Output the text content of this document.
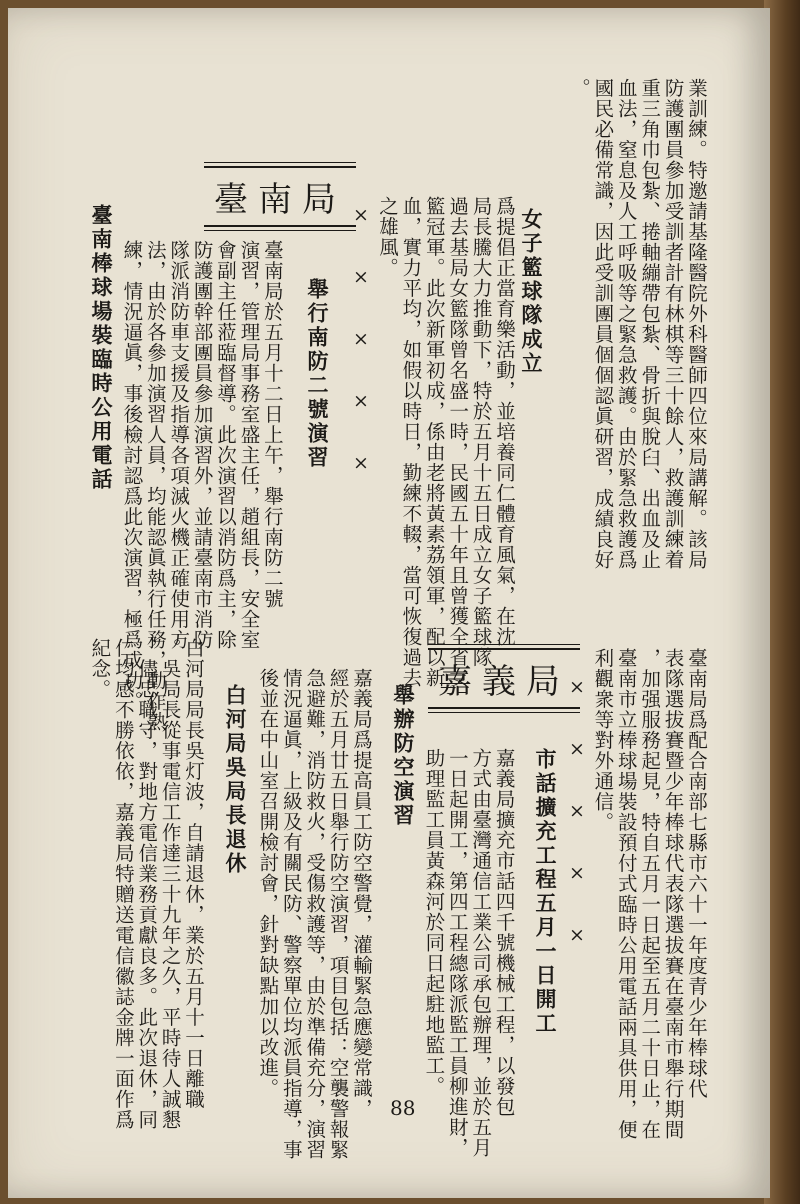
業訓練。特邀請基隆醫院外科醫師四位來局講解。該局
防護團員參加受訓者計有林棋等三十餘人，救護訓練着
重三角巾包紮、捲軸繃帶包紮、骨折與脫臼、出血及止
血法，窒息及人工呼吸等之緊急救護。由於緊急救護爲
國民必備常識，因此受訓團員個個認眞研習，成績良好
。
女子籃球隊成立
爲提倡正當育樂活動，並培養同仁體育風氣，在沈
局長騰大力推動下，特於五月十五日成立女子籃球隊。
過去基局女籃隊曾名盛一時，民國五十年且曾獲全省女
籃冠軍。此次新軍初成，係由老將黃素荔領軍，配以新
血，實力平均，如假以時日，勤練不輟，當可恢復過去
之雄風。
×××××
臺南局
舉行南防二號演習
臺南局於五月十二日上午，舉行南防二號
演習，管理局事務室盛主任，趙組長，安全室
會副主任蒞臨督導。此次演習以消防爲主，除
防護團幹部團員參加演習外，並請臺南市消防
隊派消防車支援及指導各項滅火機正確使用方
法，由於各參加演習人員，均能認眞執行任務，動作熟
練，情況逼眞，事後檢討認爲此次演習，極爲成功。
臺南棒球場裝臨時公用電話
臺南局爲配合南部七縣市六十一年度青少年棒球代
表隊選拔賽暨少年棒球代表隊選拔賽在臺南市舉行期間
，加强服務起見，特自五月一日起至五月二十日止，在
臺南市立棒球場裝設預付式臨時公用電話兩具供用，便
利觀衆等對外通信。
×××××
嘉義局
市話擴充工程五月一日開工
嘉義局擴充市話四千號機械工程，以發包
方式由臺灣通信工業公司承包辦理，並於五月
一日起開工，第四工程總隊派監工員柳進財，
助理監工員黃森河於同日起駐地監工。
舉辦防空演習
嘉義局爲提高員工防空警覺，灌輸緊急應變常識，
經於五月廿五日舉行防空演習，項目包括：空襲警報緊
急避難，消防救火，受傷救護等，由於準備充分，演習
情況逼眞，上級及有關民防、警察單位均派員指導，事
後並在中山室召開檢討會，針對缺點加以改進。
白河局吳局長退休
白河局局長吳灯波，自請退休，業於五月十一日離職
。吳局長從事電信工作達三十九年之久，平時待人誠懇
，儘忠職守，對地方電信業務貢獻良多。此次退休，同
仁均感不勝依依，嘉義局特贈送電信徽誌金牌一面作爲
紀念。
88
